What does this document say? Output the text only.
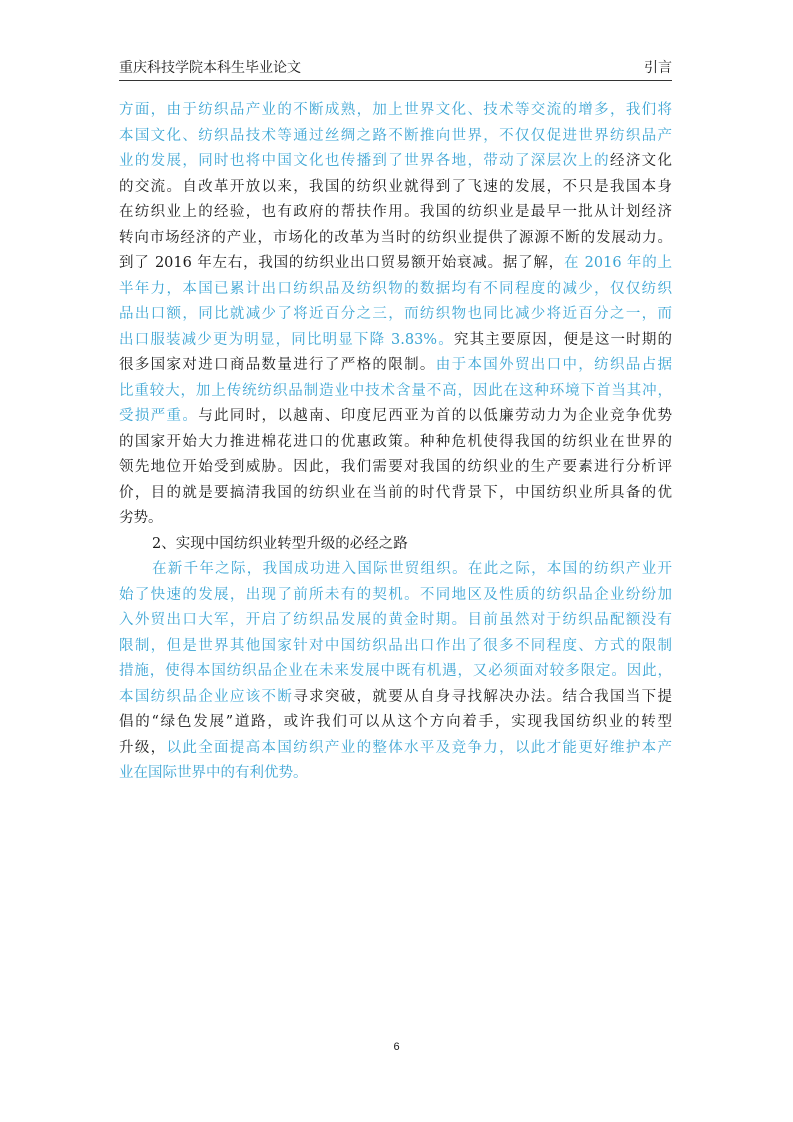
重庆科技学院本科生毕业论文	引言
方面，由于纺织品产业的不断成熟，加上世界文化、技术等交流的增多，我们将
本国文化、纺织品技术等通过丝绸之路不断推向世界，不仅仅促进世界纺织品产
业的发展，同时也将中国文化也传播到了世界各地，带动了深层次上的经济文化
的交流。自改革开放以来，我国的纺织业就得到了飞速的发展，不只是我国本身
在纺织业上的经验，也有政府的帮扶作用。我国的纺织业是最早一批从计划经济
转向市场经济的产业，市场化的改革为当时的纺织业提供了源源不断的发展动力。
到了 2016 年左右，我国的纺织业出口贸易额开始衰减。据了解，在 2016 年的上
半年力，本国已累计出口纺织品及纺织物的数据均有不同程度的减少，仅仅纺织
品出口额，同比就减少了将近百分之三，而纺织物也同比减少将近百分之一，而
出口服装减少更为明显，同比明显下降 3.83%。究其主要原因，便是这一时期的
很多国家对进口商品数量进行了严格的限制。由于本国外贸出口中，纺织品占据
比重较大，加上传统纺织品制造业中技术含量不高，因此在这种环境下首当其冲，
受损严重。与此同时，以越南、印度尼西亚为首的以低廉劳动力为企业竞争优势
的国家开始大力推进棉花进口的优惠政策。种种危机使得我国的纺织业在世界的
领先地位开始受到威胁。因此，我们需要对我国的纺织业的生产要素进行分析评
价，目的就是要搞清我国的纺织业在当前的时代背景下，中国纺织业所具备的优
劣势。
2、实现中国纺织业转型升级的必经之路
在新千年之际，我国成功进入国际世贸组织。在此之际，本国的纺织产业开
始了快速的发展，出现了前所未有的契机。不同地区及性质的纺织品企业纷纷加
入外贸出口大军，开启了纺织品发展的黄金时期。目前虽然对于纺织品配额没有
限制，但是世界其他国家针对中国纺织品出口作出了很多不同程度、方式的限制
措施，使得本国纺织品企业在未来发展中既有机遇，又必须面对较多限定。因此，
本国纺织品企业应该不断寻求突破，就要从自身寻找解决办法。结合我国当下提
倡的“绿色发展”道路，或许我们可以从这个方向着手，实现我国纺织业的转型
升级，以此全面提高本国纺织产业的整体水平及竞争力，以此才能更好维护本产
业在国际世界中的有利优势。
6
